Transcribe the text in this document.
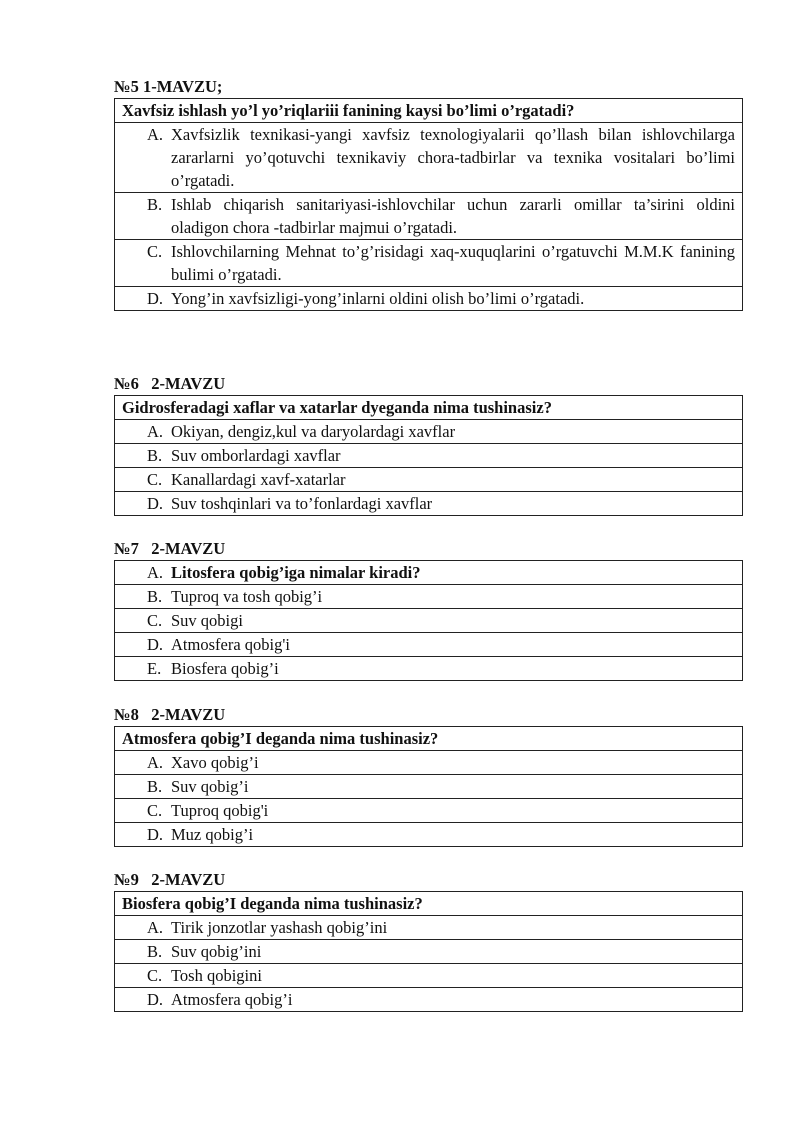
№5 1-MAVZU;
Xavfsiz ishlash yo’l yo’riqlariii fanining kaysi bo’limi o’rgatadi?

A. Xavfsizlik texnikasi-yangi xavfsiz texnologiyalarii qo’llash bilan ishlovchilarga zararlarni yo’qotuvchi texnikaviy chora-tadbirlar va texnika vositalari bo’limi o’rgatadi.

B. Ishlab chiqarish sanitariyasi-ishlovchilar uchun zararli omillar ta’sirini oldini oladigon chora -tadbirlar majmui o’rgatadi.

C. Ishlovchilarning Mehnat to’g’risidagi xaq-xuquqlarini o’rgatuvchi M.M.K fanining bulimi o’rgatadi.

D. Yong’in xavfsizligi-yong’inlarni oldini olish bo’limi o’rgatadi.
№6   2-MAVZU
Gidrosferadagi xaflar va xatarlar dyeganda nima tushinasiz?

A. Okiyan, dengiz,kul va daryolardagi xavflar

B. Suv omborlardagi xavflar

C. Kanallardagi xavf-xatarlar

D. Suv toshqinlari va to’fonlardagi xavflar
№7   2-MAVZU
A. Litosfera qobig’iga nimalar kiradi?

B. Tuproq va tosh qobig’i

C. Suv qobigi

D. Atmosfera qobig'i

E. Biosfera qobig’i
№8   2-MAVZU
Atmosfera qobig’I deganda nima tushinasiz?

A. Xavo qobig’i

B. Suv qobig’i

C. Tuproq qobig'i

D. Muz qobig’i
№9   2-MAVZU
Biosfera qobig’I deganda nima tushinasiz?

A. Tirik jonzotlar yashash qobig’ini

B. Suv qobig’ini

C. Tosh qobigini

D. Atmosfera qobig’i
